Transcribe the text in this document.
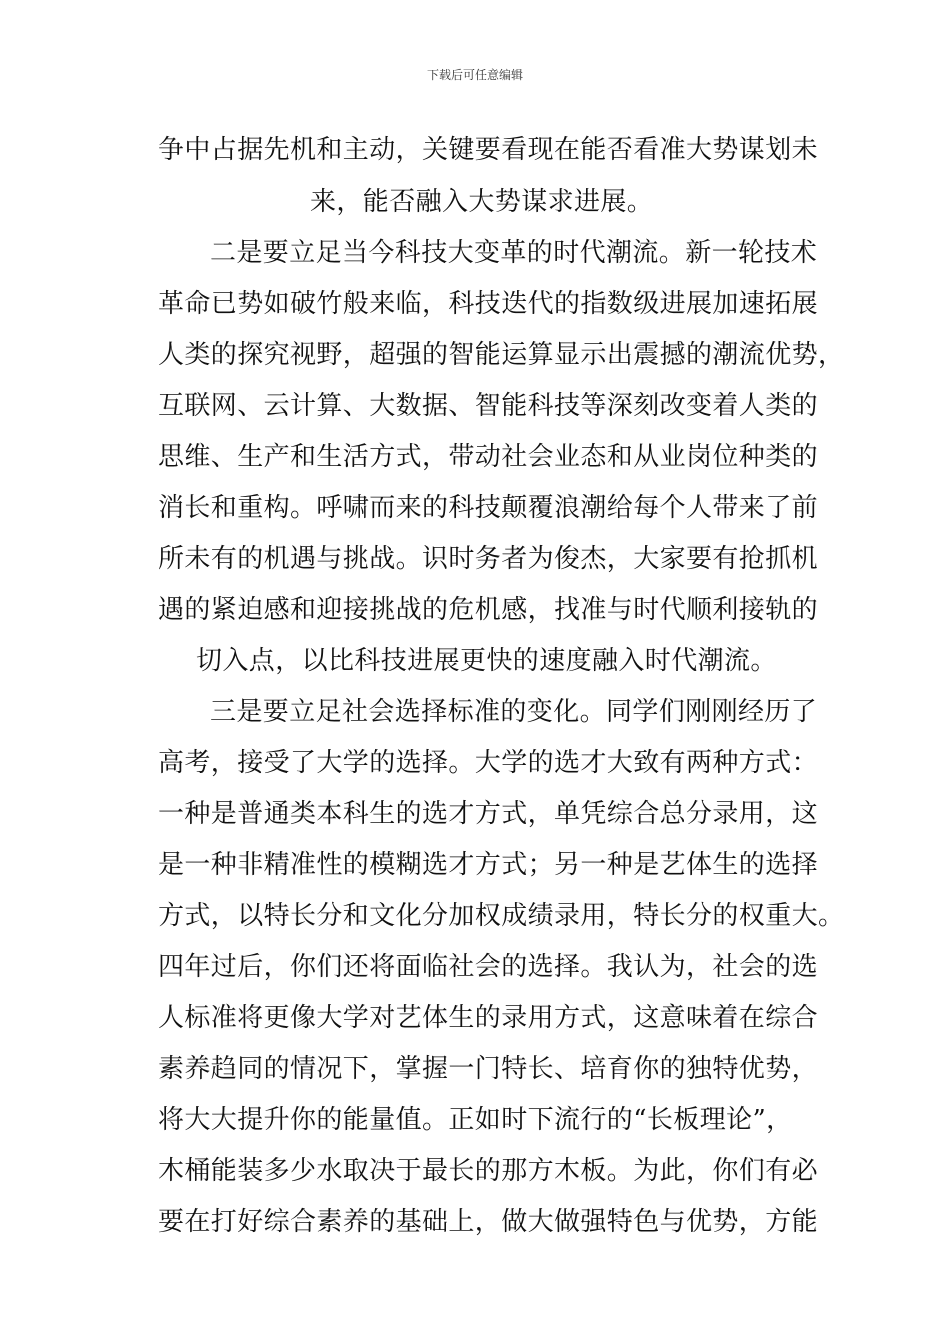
下载后可任意编辑
争中占据先机和主动，关键要看现在能否看准大势谋划未
来，能否融入大势谋求进展。
二是要立足当今科技大变革的时代潮流。新一轮技术
革命已势如破竹般来临，科技迭代的指数级进展加速拓展
人类的探究视野，超强的智能运算显示出震撼的潮流优势，
互联网、云计算、大数据、智能科技等深刻改变着人类的
思维、生产和生活方式，带动社会业态和从业岗位种类的
消长和重构。呼啸而来的科技颠覆浪潮给每个人带来了前
所未有的机遇与挑战。识时务者为俊杰，大家要有抢抓机
遇的紧迫感和迎接挑战的危机感，找准与时代顺利接轨的
切入点，以比科技进展更快的速度融入时代潮流。
三是要立足社会选择标准的变化。同学们刚刚经历了
高考，接受了大学的选择。大学的选才大致有两种方式：
一种是普通类本科生的选才方式，单凭综合总分录用，这
是一种非精准性的模糊选才方式；另一种是艺体生的选择
方式，以特长分和文化分加权成绩录用，特长分的权重大。
四年过后，你们还将面临社会的选择。我认为，社会的选
人标准将更像大学对艺体生的录用方式，这意味着在综合
素养趋同的情况下，掌握一门特长、培育你的独特优势，
将大大提升你的能量值。正如时下流行的“长板理论”，
木桶能装多少水取决于最长的那方木板。为此，你们有必
要在打好综合素养的基础上，做大做强特色与优势，方能
